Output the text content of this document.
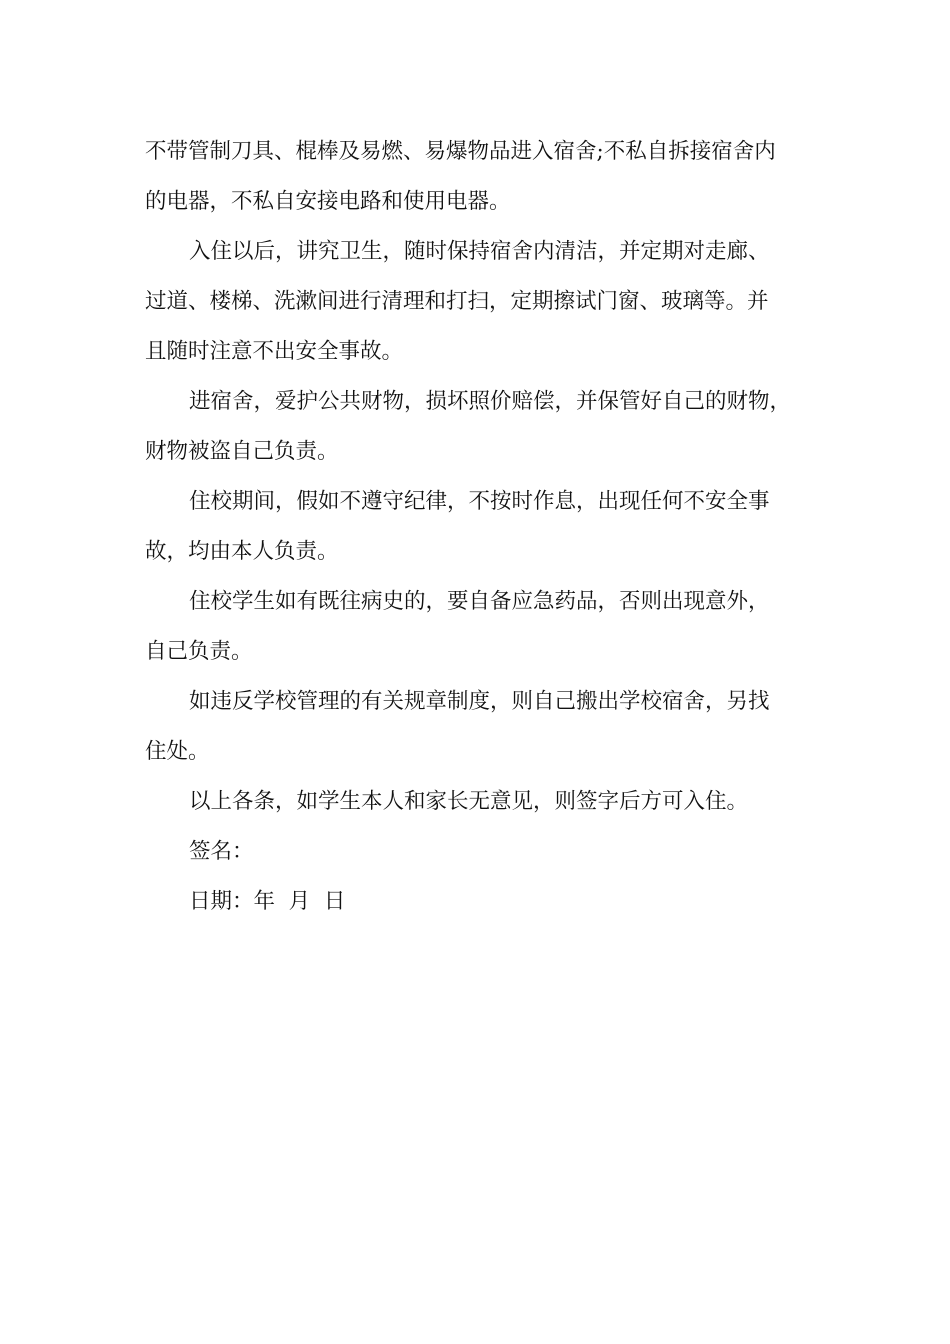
不带管制刀具、棍棒及易燃、易爆物品进入宿舍;不私自拆接宿舍内
的电器，不私自安接电路和使用电器。

入住以后，讲究卫生，随时保持宿舍内清洁，并定期对走廊、
过道、楼梯、洗漱间进行清理和打扫，定期擦试门窗、玻璃等。并
且随时注意不出安全事故。

进宿舍，爱护公共财物，损坏照价赔偿，并保管好自己的财物，
财物被盗自己负责。

住校期间，假如不遵守纪律，不按时作息，出现任何不安全事
故，均由本人负责。

住校学生如有既往病史的，要自备应急药品，否则出现意外，
自己负责。

如违反学校管理的有关规章制度，则自己搬出学校宿舍，另找
住处。

以上各条，如学生本人和家长无意见，则签字后方可入住。

签名：

日期：年  月  日
